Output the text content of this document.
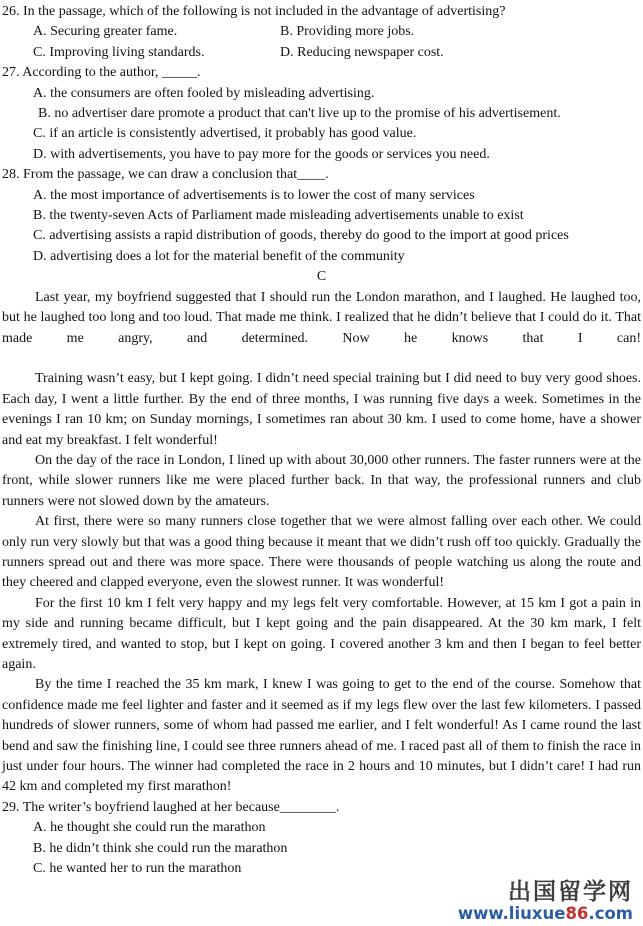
26. In the passage, which of the following is not included in the advantage of advertising?
A. Securing greater fame.	B. Providing more jobs.
C. Improving living standards.	D. Reducing newspaper cost.
27. According to the author, _____.
A. the consumers are often fooled by misleading advertising.
B. no advertiser dare promote a product that can't live up to the promise of his advertisement.
C. if an article is consistently advertised, it probably has good value.
D. with advertisements, you have to pay more for the goods or services you need.
28. From the passage, we can draw a conclusion that____.
A. the most importance of advertisements is to lower the cost of many services
B. the twenty-seven Acts of Parliament made misleading advertisements unable to exist
C. advertising assists a rapid distribution of goods, thereby do good to the import at good prices
D. advertising does a lot for the material benefit of the community
C

Last year, my boyfriend suggested that I should run the London marathon, and I laughed. He laughed too, but he laughed too long and too loud. That made me think. I realized that he didn’t believe that I could do it. That made me angry, and determined. Now he knows that I can!

Training wasn’t easy, but I kept going. I didn’t need special training but I did need to buy very good shoes. Each day, I went a little further. By the end of three months, I was running five days a week. Sometimes in the evenings I ran 10 km; on Sunday mornings, I sometimes ran about 30 km. I used to come home, have a shower and eat my breakfast. I felt wonderful!

On the day of the race in London, I lined up with about 30,000 other runners. The faster runners were at the front, while slower runners like me were placed further back. In that way, the professional runners and club runners were not slowed down by the amateurs.

At first, there were so many runners close together that we were almost falling over each other. We could only run very slowly but that was a good thing because it meant that we didn’t rush off too quickly. Gradually the runners spread out and there was more space. There were thousands of people watching us along the route and they cheered and clapped everyone, even the slowest runner. It was wonderful!

For the first 10 km I felt very happy and my legs felt very comfortable. However, at 15 km I got a pain in my side and running became difficult, but I kept going and the pain disappeared. At the 30 km mark, I felt extremely tired, and wanted to stop, but I kept on going. I covered another 3 km and then I began to feel better again.

By the time I reached the 35 km mark, I knew I was going to get to the end of the course. Somehow that confidence made me feel lighter and faster and it seemed as if my legs flew over the last few kilometers. I passed hundreds of slower runners, some of whom had passed me earlier, and I felt wonderful! As I came round the last bend and saw the finishing line, I could see three runners ahead of me. I raced past all of them to finish the race in just under four hours. The winner had completed the race in 2 hours and 10 minutes, but I didn’t care! I had run 42 km and completed my first marathon!

29. The writer’s boyfriend laughed at her because________.
A. he thought she could run the marathon
B. he didn’t think she could run the marathon
C. he wanted her to run the marathon
出国留学网
www.liuxue86.com
